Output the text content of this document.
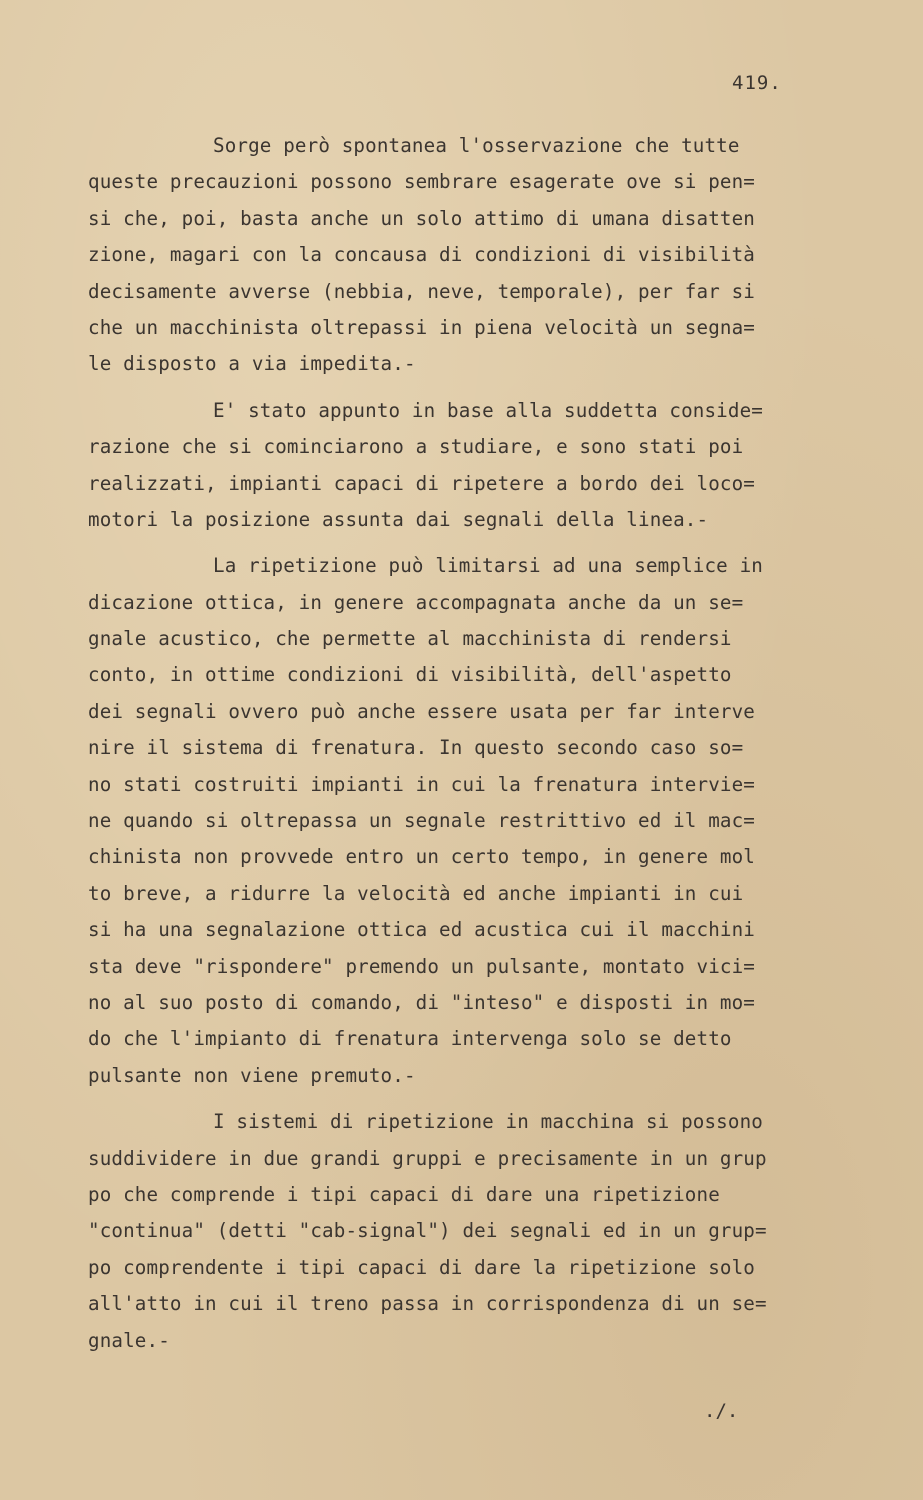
419.
Sorge però spontanea l'osservazione che tutte
queste precauzioni possono sembrare esagerate ove si pen=
si che, poi, basta anche un solo attimo di umana disatten
zione, magari con la concausa di condizioni di visibilità
decisamente avverse (nebbia, neve, temporale), per far si
che un macchinista oltrepassi in piena velocità un segna=
le disposto a via impedita.-
E' stato appunto in base alla suddetta conside=
razione che si cominciarono a studiare, e sono stati poi
realizzati, impianti capaci di ripetere a bordo dei loco=
motori la posizione assunta dai segnali della linea.-
La ripetizione può limitarsi ad una semplice in
dicazione ottica, in genere accompagnata anche da un se=
gnale acustico, che permette al macchinista di rendersi
conto, in ottime condizioni di visibilità, dell'aspetto
dei segnali ovvero può anche essere usata per far interve
nire il sistema di frenatura. In questo secondo caso so=
no stati costruiti impianti in cui la frenatura intervie=
ne quando si oltrepassa un segnale restrittivo ed il mac=
chinista non provvede entro un certo tempo, in genere mol
to breve, a ridurre la velocità ed anche impianti in cui
si ha una segnalazione ottica ed acustica cui il macchini
sta deve "rispondere" premendo un pulsante, montato vici=
no al suo posto di comando, di "inteso" e disposti in mo=
do che l'impianto di frenatura intervenga solo se detto
pulsante non viene premuto.-
I sistemi di ripetizione in macchina si possono
suddividere in due grandi gruppi e precisamente in un grup
po che comprende i tipi capaci di dare una ripetizione
"continua" (detti "cab-signal") dei segnali ed in un grup=
po comprendente i tipi capaci di dare la ripetizione solo
all'atto in cui il treno passa in corrispondenza di un se=
gnale.-
./.
